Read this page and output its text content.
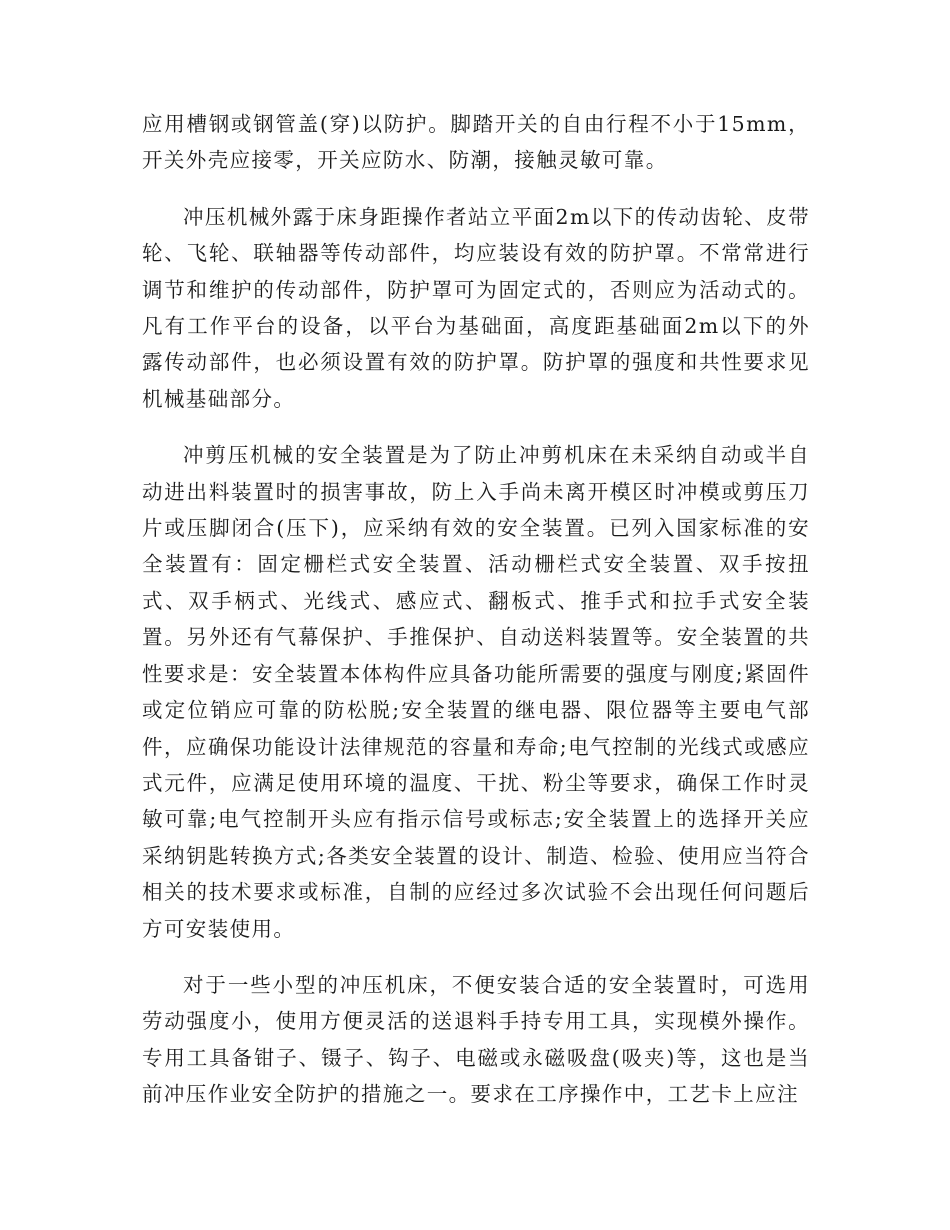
应用槽钢或钢管盖(穿)以防护。脚踏开关的自由行程不小于15mm，开关外壳应接零，开关应防水、防潮，接触灵敏可靠。

冲压机械外露于床身距操作者站立平面2m以下的传动齿轮、皮带轮、飞轮、联轴器等传动部件，均应装设有效的防护罩。不常常进行调节和维护的传动部件，防护罩可为固定式的，否则应为活动式的。凡有工作平台的设备，以平台为基础面，高度距基础面2m以下的外露传动部件，也必须设置有效的防护罩。防护罩的强度和共性要求见机械基础部分。

冲剪压机械的安全装置是为了防止冲剪机床在未采纳自动或半自动进出料装置时的损害事故，防上入手尚未离开模区时冲模或剪压刀片或压脚闭合(压下)，应采纳有效的安全装置。已列入国家标准的安全装置有：固定栅栏式安全装置、活动栅栏式安全装置、双手按扭式、双手柄式、光线式、感应式、翻板式、推手式和拉手式安全装置。另外还有气幕保护、手推保护、自动送料装置等。安全装置的共性要求是：安全装置本体构件应具备功能所需要的强度与刚度;紧固件或定位销应可靠的防松脱;安全装置的继电器、限位器等主要电气部件，应确保功能设计法律规范的容量和寿命;电气控制的光线式或感应式元件，应满足使用环境的温度、干扰、粉尘等要求，确保工作时灵敏可靠;电气控制开头应有指示信号或标志;安全装置上的选择开关应采纳钥匙转换方式;各类安全装置的设计、制造、检验、使用应当符合相关的技术要求或标准，自制的应经过多次试验不会出现任何问题后方可安装使用。

对于一些小型的冲压机床，不便安装合适的安全装置时，可选用劳动强度小，使用方便灵活的送退料手持专用工具，实现模外操作。专用工具备钳子、镊子、钩子、电磁或永磁吸盘(吸夹)等，这也是当前冲压作业安全防护的措施之一。要求在工序操作中，工艺卡上应注
